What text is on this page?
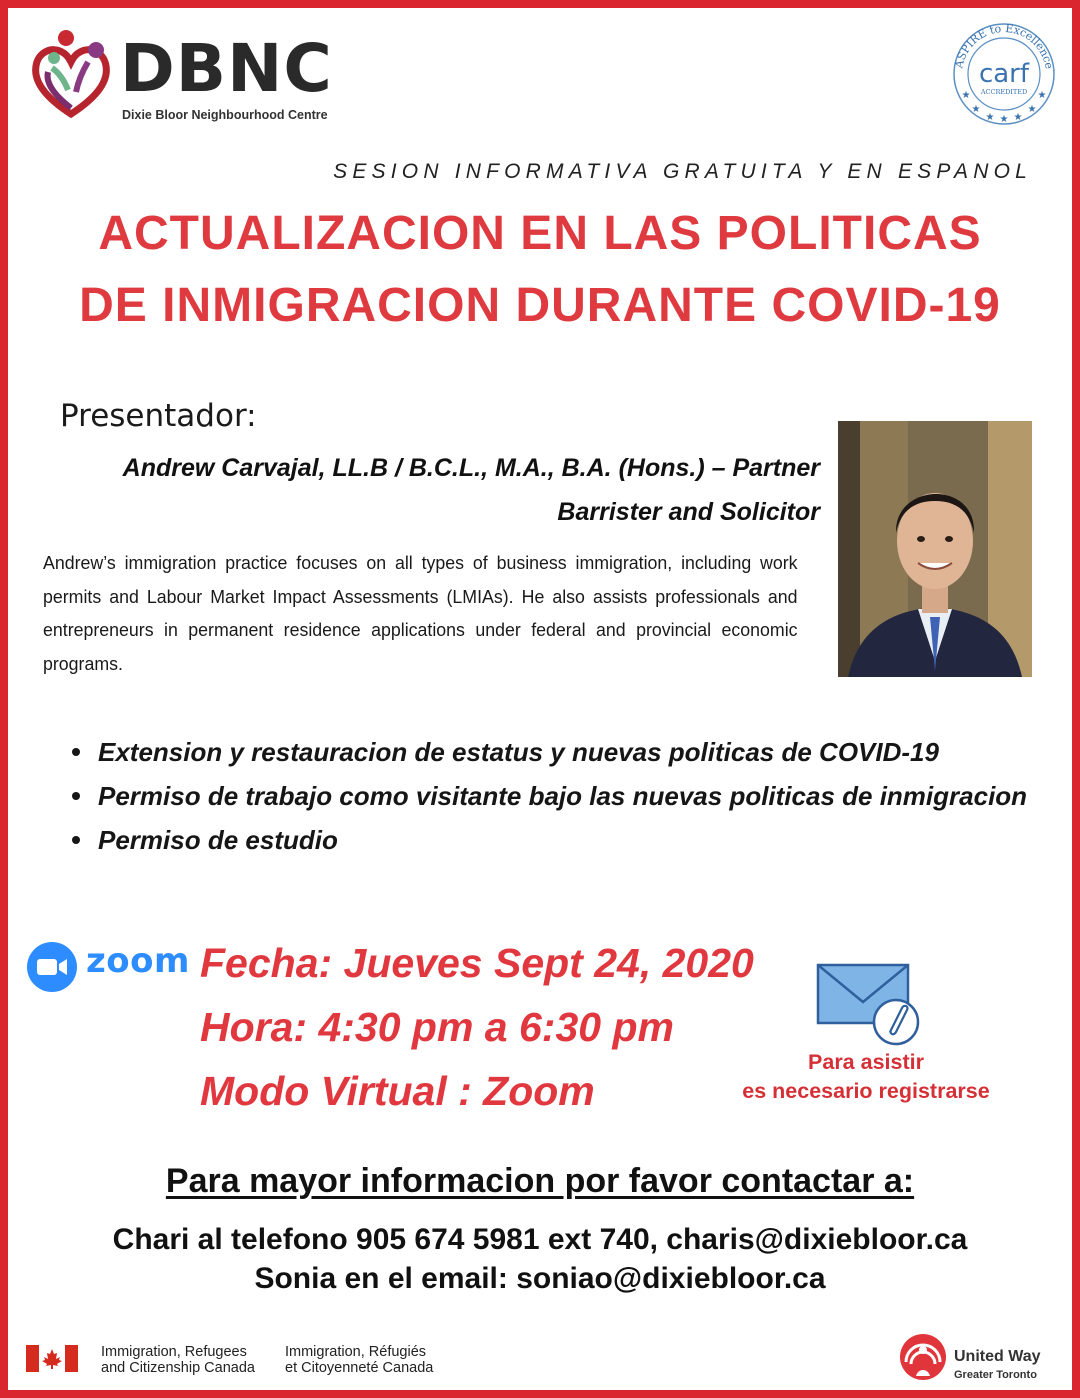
DBNC
Dixie Bloor Neighbourhood Centre
ASPIRE to Excellence
carf
ACCREDITED
★
★
★ ★ ★
★
★
SESION INFORMATIVA GRATUITA Y EN ESPANOL
ACTUALIZACION EN LAS POLITICAS
DE INMIGRACION DURANTE COVID-19
Presentador:
Andrew Carvajal, LL.B / B.C.L., M.A., B.A. (Hons.) – Partner
Barrister and Solicitor
Andrew’s immigration practice focuses on all types of business immigration, including work permits and Labour Market Impact Assessments (LMIAs). He also assists professionals and entrepreneurs in permanent residence applications under federal and provincial economic programs.
Extension y restauracion de estatus y nuevas politicas de COVID-19
Permiso de trabajo como visitante bajo las nuevas politicas de inmigracion
Permiso de estudio
zoom Fecha: Jueves Sept 24, 2020
Hora: 4:30 pm a 6:30 pm
Modo Virtual : Zoom
Para asistir
es necesario registrarse
Para mayor informacion por favor contactar a:
Chari al telefono 905 674 5981 ext 740, charis@dixiebloor.ca
Sonia en el email: soniao@dixiebloor.ca
Immigration, Refugees
and Citizenship Canada
Immigration, Réfugiés
et Citoyenneté Canada
United Way
Greater Toronto
